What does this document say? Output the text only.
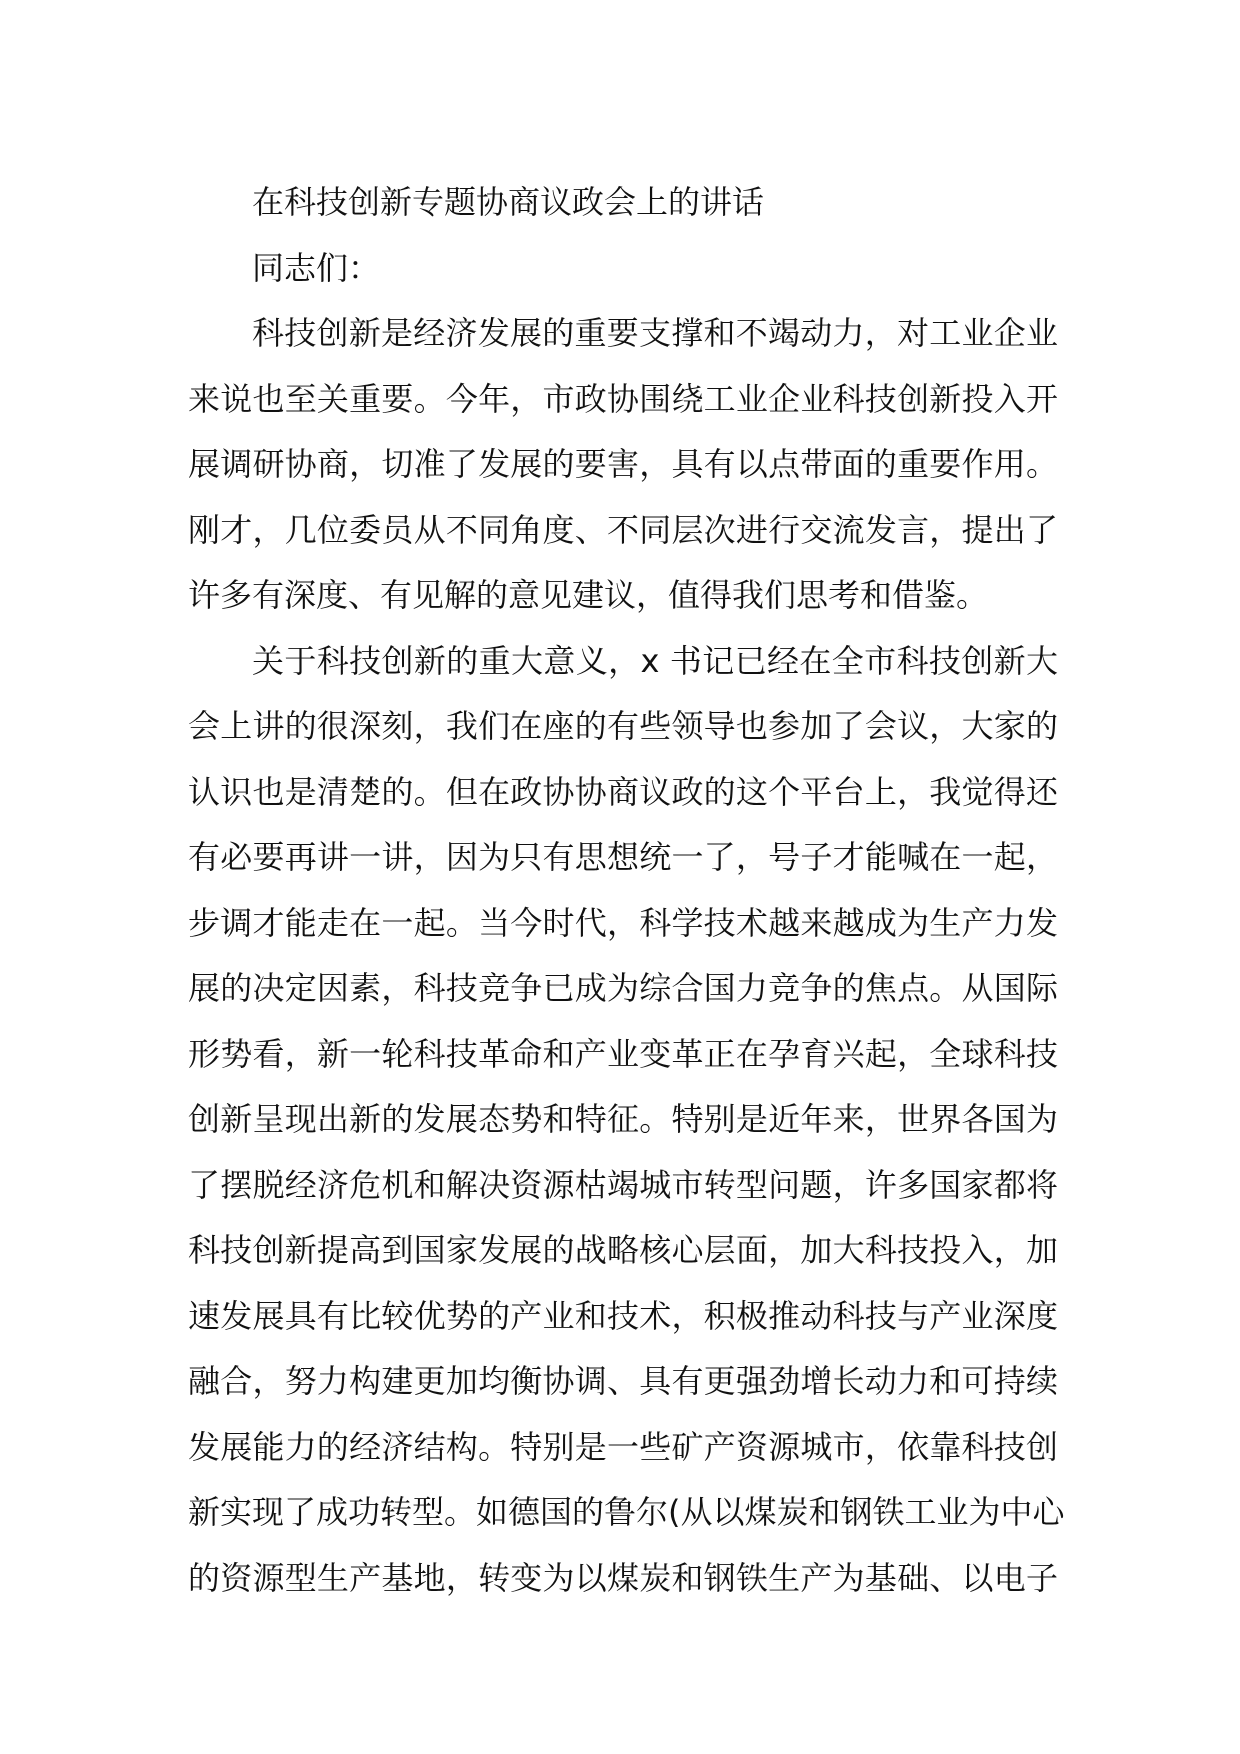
在科技创新专题协商议政会上的讲话
同志们：
科技创新是经济发展的重要支撑和不竭动力，对工业企业
来说也至关重要。今年，市政协围绕工业企业科技创新投入开
展调研协商，切准了发展的要害，具有以点带面的重要作用。
刚才，几位委员从不同角度、不同层次进行交流发言，提出了
许多有深度、有见解的意见建议，值得我们思考和借鉴。
关于科技创新的重大意义，x 书记已经在全市科技创新大
会上讲的很深刻，我们在座的有些领导也参加了会议，大家的
认识也是清楚的。但在政协协商议政的这个平台上，我觉得还
有必要再讲一讲，因为只有思想统一了，号子才能喊在一起，
步调才能走在一起。当今时代，科学技术越来越成为生产力发
展的决定因素，科技竞争已成为综合国力竞争的焦点。从国际
形势看，新一轮科技革命和产业变革正在孕育兴起，全球科技
创新呈现出新的发展态势和特征。特别是近年来，世界各国为
了摆脱经济危机和解决资源枯竭城市转型问题，许多国家都将
科技创新提高到国家发展的战略核心层面，加大科技投入，加
速发展具有比较优势的产业和技术，积极推动科技与产业深度
融合，努力构建更加均衡协调、具有更强劲增长动力和可持续
发展能力的经济结构。特别是一些矿产资源城市，依靠科技创
新实现了成功转型。如德国的鲁尔(从以煤炭和钢铁工业为中心
的资源型生产基地，转变为以煤炭和钢铁生产为基础、以电子
